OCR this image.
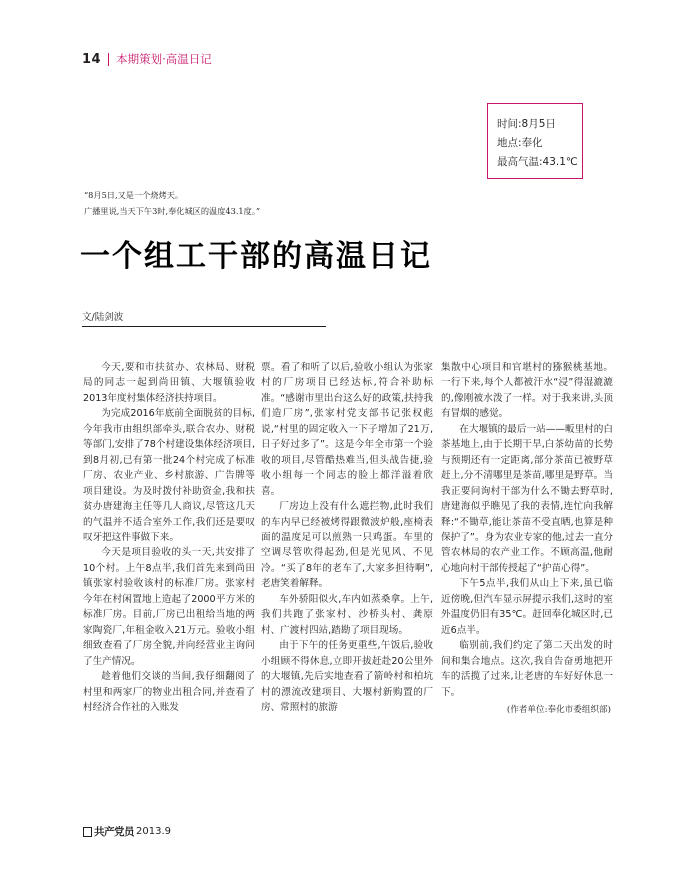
14 本期策划·高温日记
时间:8月5日
地点:奉化
最高气温:43.1℃
“8月5日,又是一个烧烤天。
广播里说,当天下午3时,奉化城区的温度43.1度。”
一个组工干部的高温日记
文/陆剑波

今天,要和市扶贫办、农林局、财税局的同志一起到尚田镇、大堰镇验收2013年度村集体经济扶持项目。

为完成2016年底前全面脱贫的目标,今年我市由组织部牵头,联合农办、财税等部门,安排了78个村建设集体经济项目,到8月初,已有第一批24个村完成了标准厂房、农业产业、乡村旅游、广告牌等项目建设。为及时拨付补助资金,我和扶贫办唐建海主任等几人商议,尽管这几天的气温并不适合室外工作,我们还是要叹叹牙把这件事做下来。

今天是项目验收的头一天,共安排了10个村。上午8点半,我们首先来到尚田镇张家村验收该村的标准厂房。张家村今年在村闲置地上造起了2000平方米的标准厂房。目前,厂房已出租给当地的两家陶瓷厂,年租金收入21万元。验收小组细致查看了厂房全貌,并向经营业主询问了生产情况。

趁着他们交谈的当间,我仔细翻阅了村里和两家厂的物业出租合同,并查看了村经济合作社的入账发

票。看了和听了以后,验收小组认为张家村的厂房项目已经达标,符合补助标准。“感谢市里出台这么好的政策,扶持我们造厂房”,张家村党支部书记张权彪说,“村里的固定收入一下子增加了21万,日子好过多了”。这是今年全市第一个验收的项目,尽管酷热难当,但头战告捷,验收小组每一个同志的脸上都洋溢着欣喜。

厂房边上没有什么遮拦物,此时我们的车内早已经被烤得跟微波炉般,座椅表面的温度足可以煎熟一只鸡蛋。车里的空调尽管吹得起劲,但是光见风、不见冷。“买了8年的老车了,大家多担待啊”,老唐笑着解释。

车外骄阳似火,车内如蒸桑拿。上午,我们共跑了张家村、沙桥头村、龚原村、广渡村四站,踏勘了项目现场。

由于下午的任务更重些,午饭后,验收小组顾不得休息,立即开拔赶赴20公里外的大堰镇,先后实地查看了箭岭村和柏坑村的漂流改建项目、大堰村新购置的厂房、常照村的旅游

集散中心项目和官堪村的猕猴桃基地。一行下来,每个人都被汗水“浸”得湿漉漉的,像刚被水泼了一样。对于我来讲,头顶有冒烟的感觉。

在大堰镇的最后一站——畈里村的白茶基地上,由于长期干旱,白茶幼苗的长势与预期还有一定距离,部分茶苗已被野草赶上,分不清哪里是茶苗,哪里是野草。当我正要问询村干部为什么不锄去野草时,唐建海似乎瞧见了我的表情,连忙向我解释:“不锄草,能让茶苗不受直晒,也算是种保护了”。身为农业专家的他,过去一直分管农林局的农产业工作。不顾高温,他耐心地向村干部传授起了“护苗心得”。

下午5点半,我们从山上下来,虽已临近傍晚,但汽车显示屏提示我们,这时的室外温度仍旧有35℃。赶回奉化城区时,已近6点半。

临别前,我们约定了第二天出发的时间和集合地点。这次,我自告奋勇地把开车的活揽了过来,让老唐的车好好休息一下。

(作者单位:奉化市委组织部)
共产党员 2013.9
